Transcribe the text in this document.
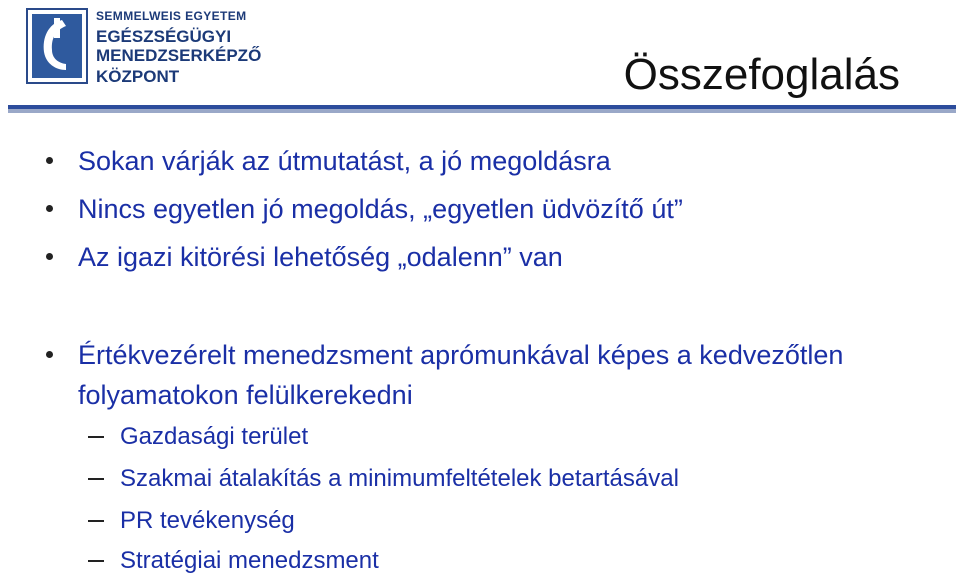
SEMMELWEIS EGYETEM
EGÉSZSÉGÜGYI
MENEDZSERKÉPZŐ
KÖZPONT	Összefoglalás
Sokan várják az útmutatást, a jó megoldásra
Nincs egyetlen jó megoldás, „egyetlen üdvözítő út”
Az igazi kitörési lehetőség „odalenn” van
Értékvezérelt menedzsment aprómunkával képes a kedvezőtlen folyamatokon felülkerekedni
Gazdasági terület
Szakmai átalakítás a minimumfeltételek betartásával
PR tevékenység
Stratégiai menedzsment
